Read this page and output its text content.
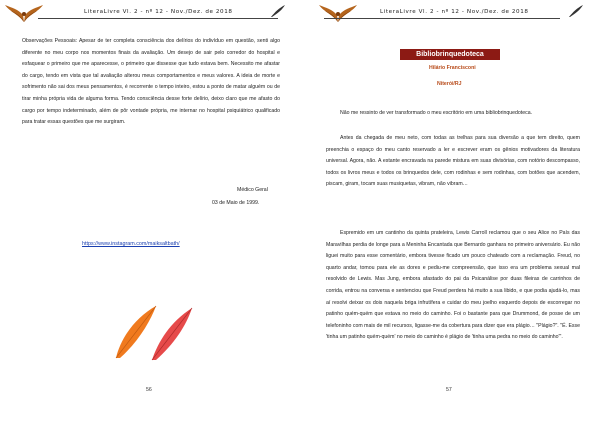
LiteraLivre Vl. 2 - nº 12 - Nov./Dez. de 2018

Observações Pessoais: Apesar de ter completa consciência dos delírios do indivíduo em questão, senti algo diferente no meu corpo nos momentos finais da avaliação. Um desejo de sair pelo corredor do hospital e esfaquear o primeiro que me aparecesse, o primeiro que dissesse que tudo estava bem. Necessito me afastar do cargo, tendo em vista que tal avaliação alterou meus comportamentos e meus valores. A ideia de morte e sofrimento não sai dos meus pensamentos, é recorrente o tempo inteiro, estou a ponto de matar alguém ou de tirar minha própria vida de alguma forma. Tendo consciência desse forte delírio, deixo claro que me afasto do cargo por tempo indeterminado, além de pôr vontade própria, me internar no hospital psiquiátrico qualificado para tratar essas questões que me surgiram.

Médico Geral
03 de Maio de 1999.
https://www.instagram.com/maiksaltbath/
56
LiteraLivre Vl. 2 - nº 12 - Nov./Dez. de 2018
Bibliobrinquedoteca
Hilário Francisconi
Niterói/RJ

Não me ressinto de ver transformado o meu escritório em uma bibliobrinquedoteca.

Antes da chegada de meu neto, com todas as trelhas para sua diversão a que tem direito, quem preenchia o espaço do meu canto reservado a ler e escrever eram os gênios motivadores da literatura universal. Agora, não. A estante encravada na parede mistura em suas divisórias, com notório descompasso, todos os livros meus e todos os brinquedos dele, com rodinhas e sem rodinhas, com botões que acendem, piscam, giram, tocam suas musiquetas, vibram, não vibram…

Espremido em um cantinho da quinta prateleira, Lewis Carroll reclamou que o seu Alice no País das Maravilhas perdia de longe para a Meninha Encantada que Bernardo ganhara no primeiro aniversário. Eu não liguei muito para esse comentário, embora tivesse ficado um pouco chateado com a reclamação. Freud, no quarto andar, tomou para ele as dores e pediu-me compreensão, que isso era um problema sexual mal resolvido de Lewis. Mas Jung, embora afastado do pai da Psicanálise por duas fileiras de carrinhos de corrida, entrou na conversa e sentenciou que Freud perdera há muito a sua libido, e que podia ajudá-lo, mas aí resolvi deixar os dois naquela briga infrutífera e cuidar do meu joelho esquerdo depois de escorregar no patinho quém-quém que estava no meio do caminho. Foi o bastante para que Drummond, de posse de um telefoninho com mais de mil recursos, ligasse-me da cobertura para dizer que era plágio… "Plágio?". "É. Esse 'tinha um patinho quém-quém' no meio do caminho é plágio de 'tinha uma pedra no meio do caminho'".

57
